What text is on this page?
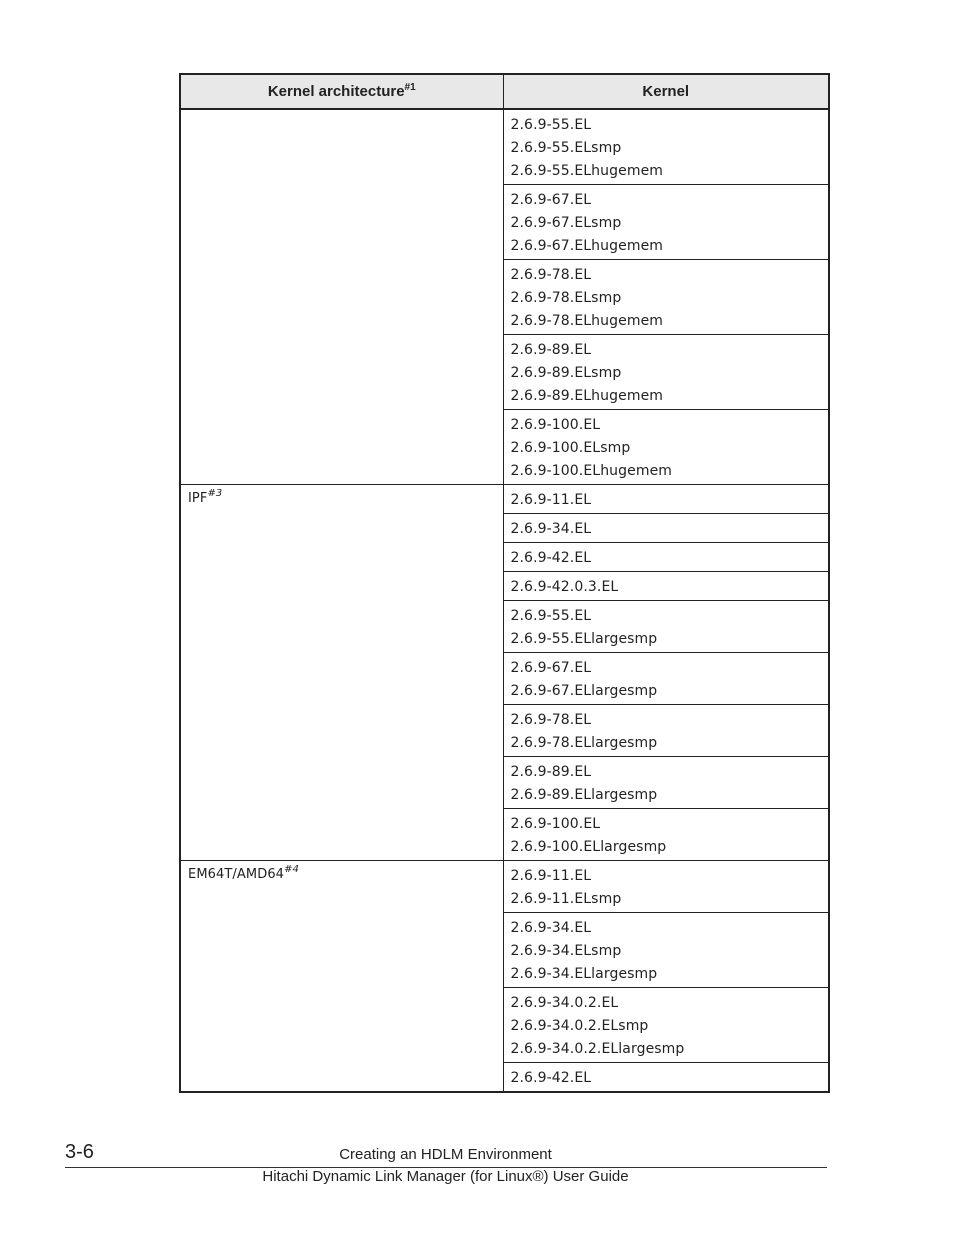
Kernel architecture$^{\#1}$	Kernel

	2.6.9-55.EL
2.6.9-55.ELsmp
2.6.9-55.ELhugemem

	2.6.9-67.EL
2.6.9-67.ELsmp
2.6.9-67.ELhugemem

	2.6.9-78.EL
2.6.9-78.ELsmp
2.6.9-78.ELhugemem

	2.6.9-89.EL
2.6.9-89.ELsmp
2.6.9-89.ELhugemem

	2.6.9-100.EL
2.6.9-100.ELsmp
2.6.9-100.ELhugemem

IPF$^{\#3}$	2.6.9-11.EL

	2.6.9-34.EL

	2.6.9-42.EL

	2.6.9-42.0.3.EL

	2.6.9-55.EL
2.6.9-55.ELlargesmp

	2.6.9-67.EL
2.6.9-67.ELlargesmp

	2.6.9-78.EL
2.6.9-78.ELlargesmp

	2.6.9-89.EL
2.6.9-89.ELlargesmp

	2.6.9-100.EL
2.6.9-100.ELlargesmp

EM64T/AMD64$^{\#4}$	2.6.9-11.EL
2.6.9-11.ELsmp

	2.6.9-34.EL
2.6.9-34.ELsmp
2.6.9-34.ELlargesmp

	2.6.9-34.0.2.EL
2.6.9-34.0.2.ELsmp
2.6.9-34.0.2.ELlargesmp

	2.6.9-42.EL
3-6	Creating an HDLM Environment
Hitachi Dynamic Link Manager (for Linux®) User Guide
